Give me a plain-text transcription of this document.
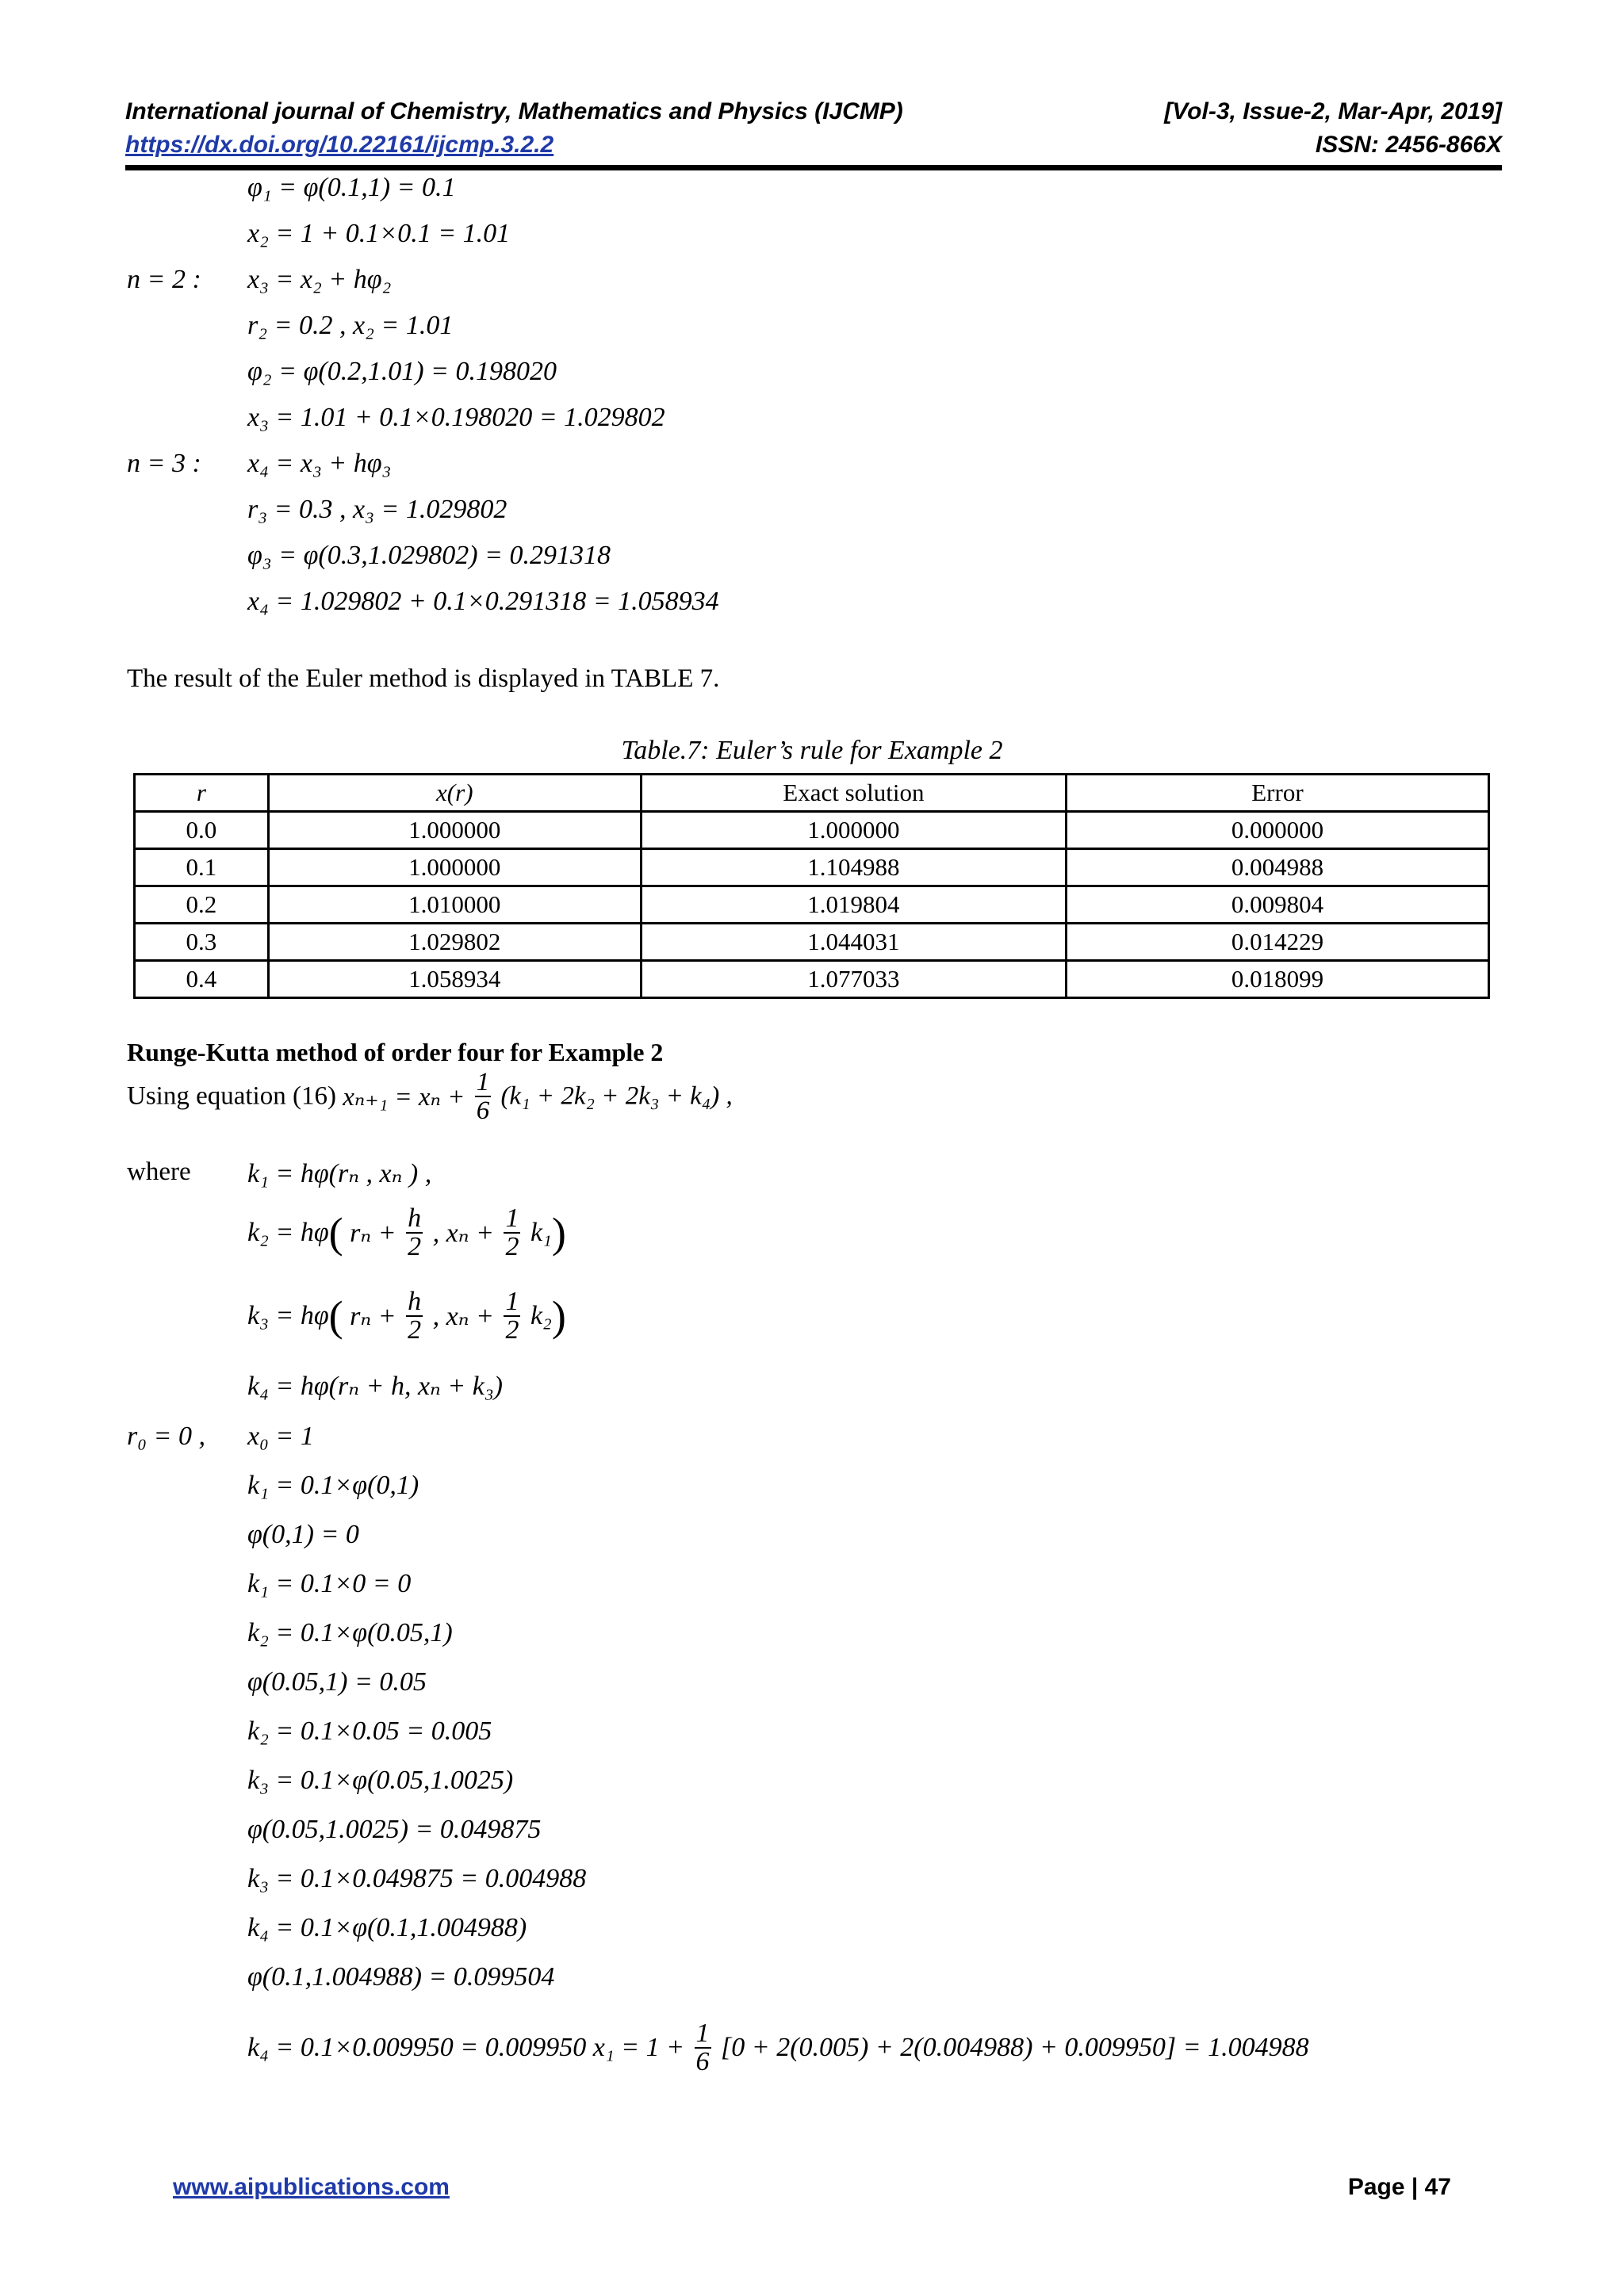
International journal of Chemistry, Mathematics and Physics (IJCMP)	[Vol-3, Issue-2, Mar-Apr, 2019]
https://dx.doi.org/10.22161/ijcmp.3.2.2	ISSN: 2456-866X
φ₁ = φ(0.1,1) = 0.1
x₂ = 1 + 0.1×0.1 = 1.01
n = 2 : x₃ = x₂ + hφ₂
r₂ = 0.2 , x₂ = 1.01
φ₂ = φ(0.2,1.01) = 0.198020
x₃ = 1.01 + 0.1×0.198020 = 1.029802
n = 3 : x₄ = x₃ + hφ₃
r₃ = 0.3 , x₃ = 1.029802
φ₃ = φ(0.3,1.029802) = 0.291318
x₄ = 1.029802 + 0.1×0.291318 = 1.058934
The result of the Euler method is displayed in TABLE 7.
Table.7: Euler’s rule for Example 2
r	x(r)	Exact solution	Error
0.0	1.000000	1.000000	0.000000
0.1	1.000000	1.104988	0.004988
0.2	1.010000	1.019804	0.009804
0.3	1.029802	1.044031	0.014229
0.4	1.058934	1.077033	0.018099
Runge-Kutta method of order four for Example 2
Using equation (16) $x_{n+1} = x_n + \frac{1}{6} (k_1 + 2k_2 + 2k_3 + k_4)$ ,
where k₁ = hφ(rₙ , xₙ ) ,
k₂ = hφ( $r_n + \frac{h}{2}$ , $x_n + \frac{1}{2} k_1$)
k₃ = hφ( $r_n + \frac{h}{2}$ , $x_n + \frac{1}{2} k_2$)
k₄ = hφ(rₙ + h, xₙ + k₃)
r₀ = 0 , x₀ = 1
k₁ = 0.1×φ(0,1)
φ(0,1) = 0
k₁ = 0.1×0 = 0
k₂ = 0.1×φ(0.05,1)
φ(0.05,1) = 0.05
k₂ = 0.1×0.05 = 0.005
k₃ = 0.1×φ(0.05,1.0025)
φ(0.05,1.0025) = 0.049875
k₃ = 0.1×0.049875 = 0.004988
k₄ = 0.1×φ(0.1,1.004988)
φ(0.1,1.004988) = 0.099504
k₄ = 0.1×0.009950 = 0.009950 $x_1 = 1 + \frac{1}{6} [0 + 2(0.005) + 2(0.004988) + 0.009950] = 1.004988$
www.aipublications.com	Page | 47
